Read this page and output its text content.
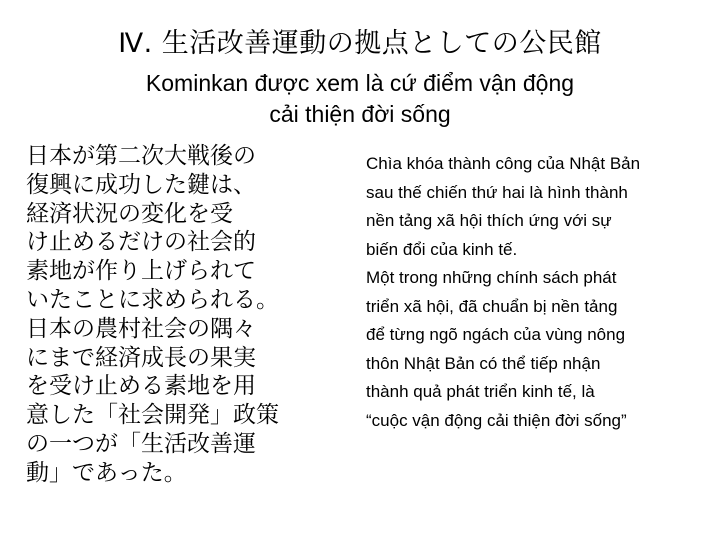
Ⅳ. 生活改善運動の拠点としての公民館
Kominkan được xem là cứ điểm vận động
cải thiện đời sống
日本が第二次大戦後の
復興に成功した鍵は、
経済状況の変化を受
け止めるだけの社会的
素地が作り上げられて
いたことに求められる。
日本の農村社会の隅々
にまで経済成長の果実
を受け止める素地を用
意した「社会開発」政策
の一つが「生活改善運
動」であった。
Chìa khóa thành công của Nhật Bản
sau thế chiến thứ hai là hình thành
nền tảng xã hội thích ứng với sự
biến đổi của kinh tế.
Một trong những chính sách phát
triển xã hội, đã chuẩn bị nền tảng
để từng ngõ ngách của vùng nông
thôn Nhật Bản có thể tiếp nhận
thành quả phát triển kinh tế, là
“cuộc vận động cải thiện đời sống”
